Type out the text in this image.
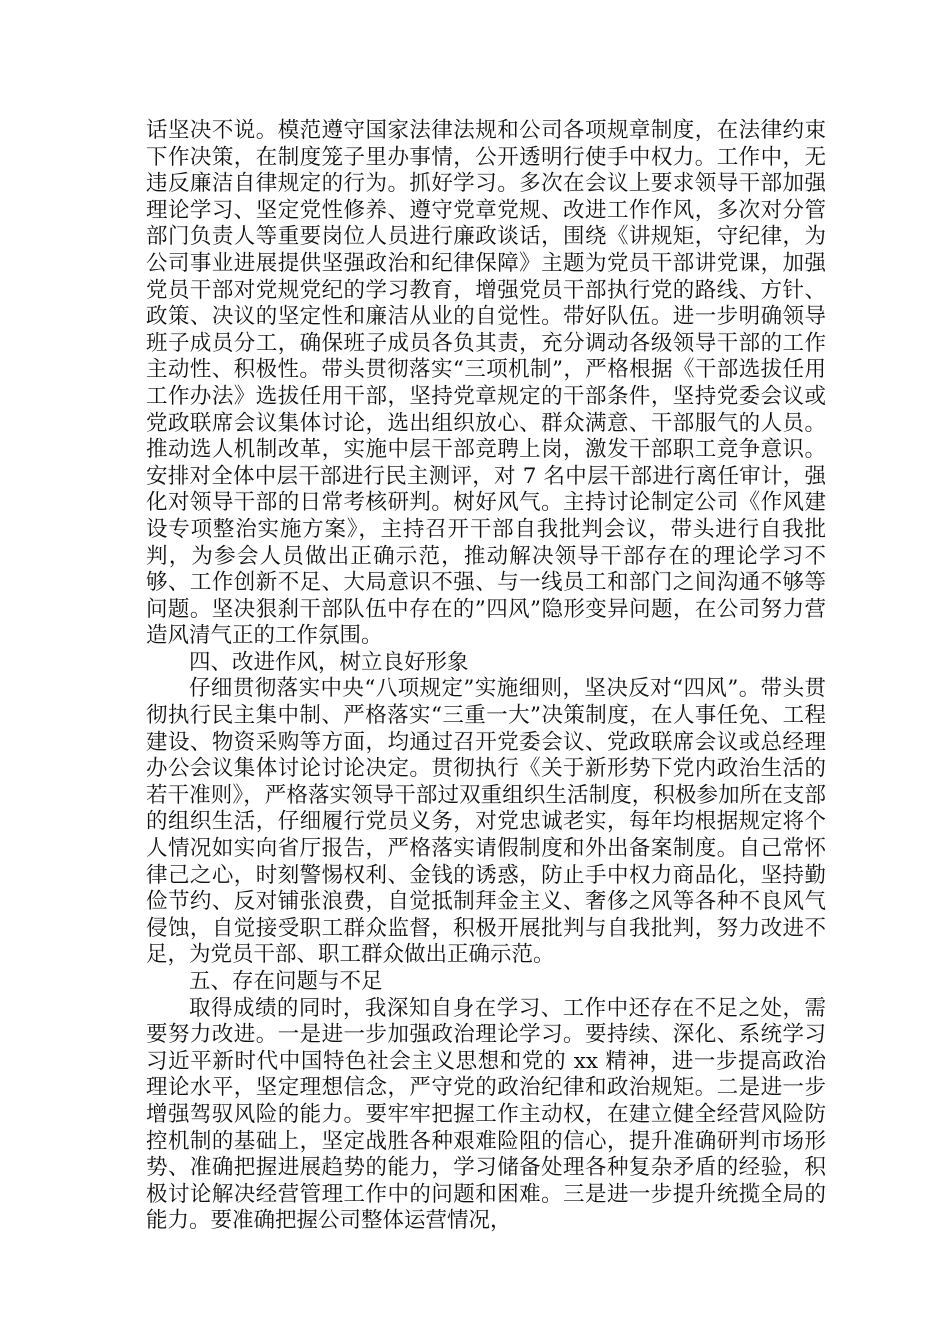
话坚决不说。模范遵守国家法律法规和公司各项规章制度，在法律约束下作决策，在制度笼子里办事情，公开透明行使手中权力。工作中，无违反廉洁自律规定的行为。抓好学习。多次在会议上要求领导干部加强理论学习、坚定党性修养、遵守党章党规、改进工作作风，多次对分管部门负责人等重要岗位人员进行廉政谈话，围绕《讲规矩，守纪律，为公司事业进展提供坚强政治和纪律保障》主题为党员干部讲党课，加强党员干部对党规党纪的学习教育，增强党员干部执行党的路线、方针、政策、决议的坚定性和廉洁从业的自觉性。带好队伍。进一步明确领导班子成员分工，确保班子成员各负其责，充分调动各级领导干部的工作主动性、积极性。带头贯彻落实“三项机制”，严格根据《干部选拔任用工作办法》选拔任用干部，坚持党章规定的干部条件，坚持党委会议或党政联席会议集体讨论，选出组织放心、群众满意、干部服气的人员。推动选人机制改革，实施中层干部竞聘上岗，激发干部职工竞争意识。安排对全体中层干部进行民主测评，对 7 名中层干部进行离任审计，强化对领导干部的日常考核研判。树好风气。主持讨论制定公司《作风建设专项整治实施方案》，主持召开干部自我批判会议，带头进行自我批判，为参会人员做出正确示范，推动解决领导干部存在的理论学习不够、工作创新不足、大局意识不强、与一线员工和部门之间沟通不够等问题。坚决狠刹干部队伍中存在的”四风”隐形变异问题，在公司努力营造风清气正的工作氛围。

四、改进作风，树立良好形象

仔细贯彻落实中央“八项规定”实施细则，坚决反对“四风”。带头贯彻执行民主集中制、严格落实“三重一大”决策制度，在人事任免、工程建设、物资采购等方面，均通过召开党委会议、党政联席会议或总经理办公会议集体讨论讨论决定。贯彻执行《关于新形势下党内政治生活的若干准则》，严格落实领导干部过双重组织生活制度，积极参加所在支部的组织生活，仔细履行党员义务，对党忠诚老实，每年均根据规定将个人情况如实向省厅报告，严格落实请假制度和外出备案制度。自己常怀律己之心，时刻警惕权利、金钱的诱惑，防止手中权力商品化，坚持勤俭节约、反对铺张浪费，自觉抵制拜金主义、奢侈之风等各种不良风气侵蚀，自觉接受职工群众监督，积极开展批判与自我批判，努力改进不足，为党员干部、职工群众做出正确示范。

五、存在问题与不足

取得成绩的同时，我深知自身在学习、工作中还存在不足之处，需要努力改进。一是进一步加强政治理论学习。要持续、深化、系统学习习近平新时代中国特色社会主义思想和党的 xx 精神，进一步提高政治理论水平，坚定理想信念，严守党的政治纪律和政治规矩。二是进一步增强驾驭风险的能力。要牢牢把握工作主动权，在建立健全经营风险防控机制的基础上，坚定战胜各种艰难险阻的信心，提升准确研判市场形势、准确把握进展趋势的能力，学习储备处理各种复杂矛盾的经验，积极讨论解决经营管理工作中的问题和困难。三是进一步提升统揽全局的能力。要准确把握公司整体运营情况，
